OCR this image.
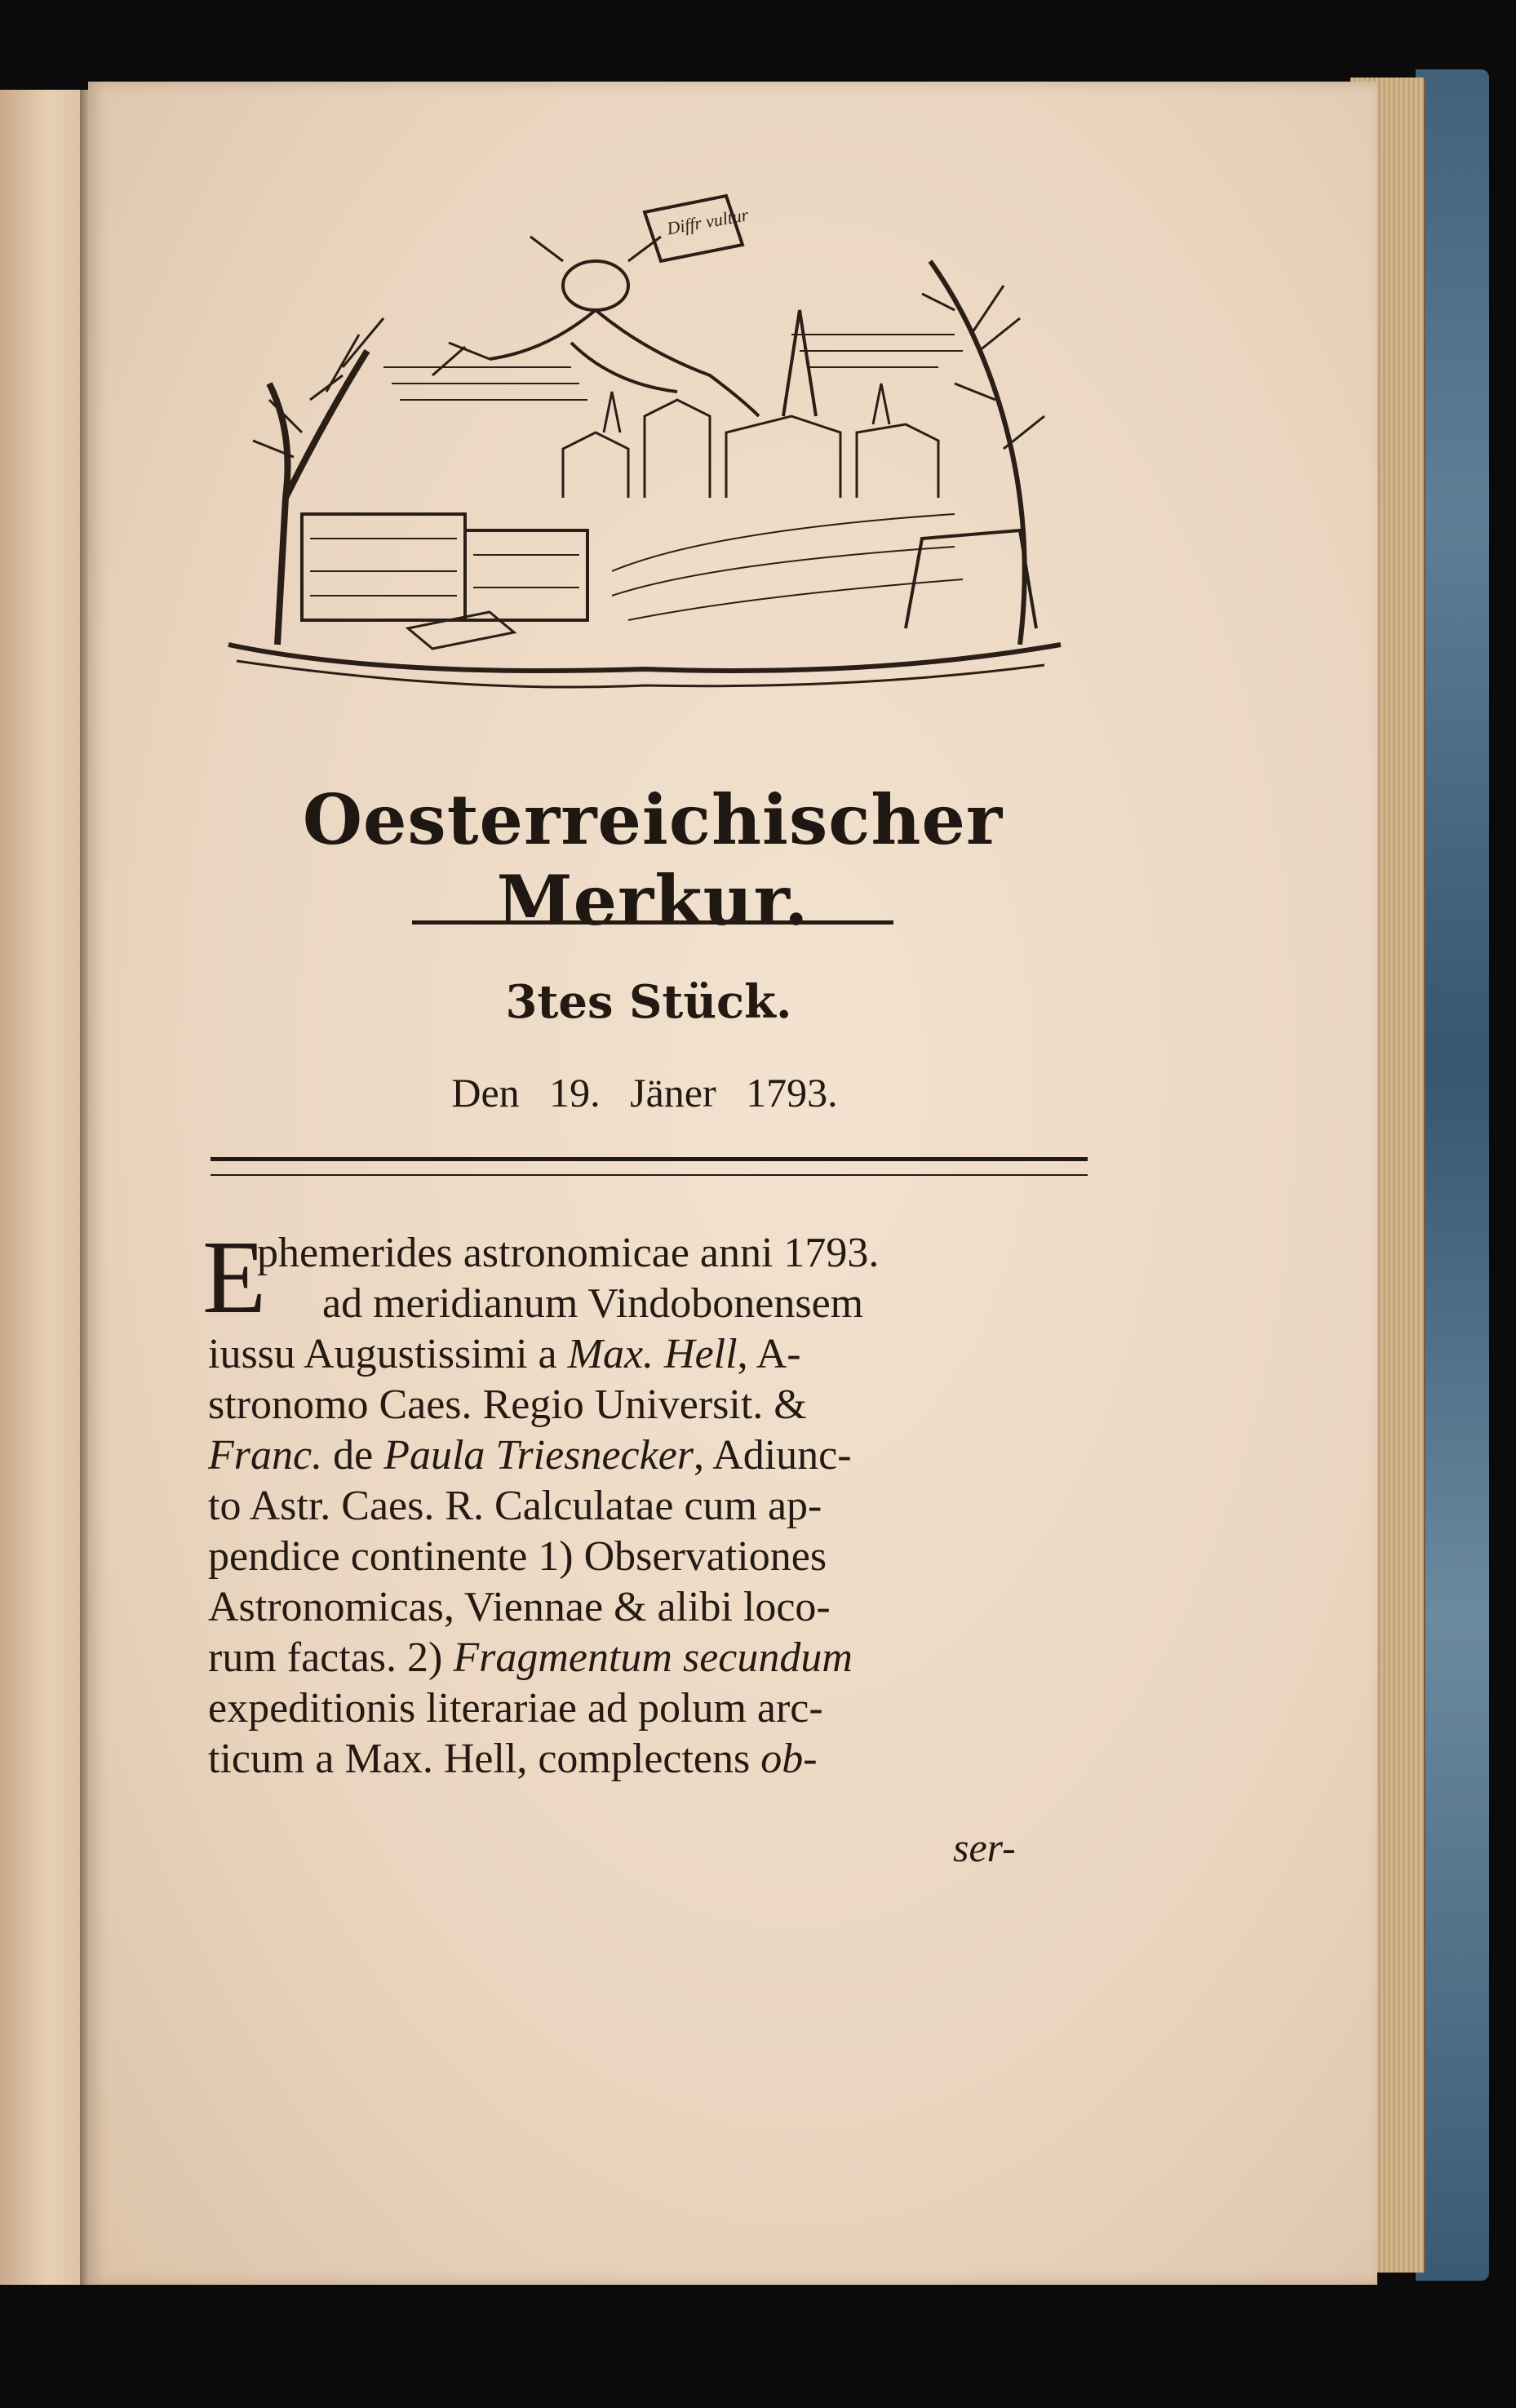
Diffr vultur
Oesterreichischer Merkur.
3tes Stück.
Den 19. Jäner 1793.
E
phemerides astronomicae anni 1793.
ad meridianum Vindobonensem
iussu Augustissimi a Max. Hell, A-
stronomo Caes. Regio Universit. &
Franc. de Paula Triesnecker, Adiunc-
to Astr. Caes. R. Calculatae cum ap-
pendice continente 1) Observationes
Astronomicas, Viennae & alibi loco-
rum factas. 2) Fragmentum secundum
expeditionis literariae ad polum arc-
ticum a Max. Hell, complectens ob-
ser-
